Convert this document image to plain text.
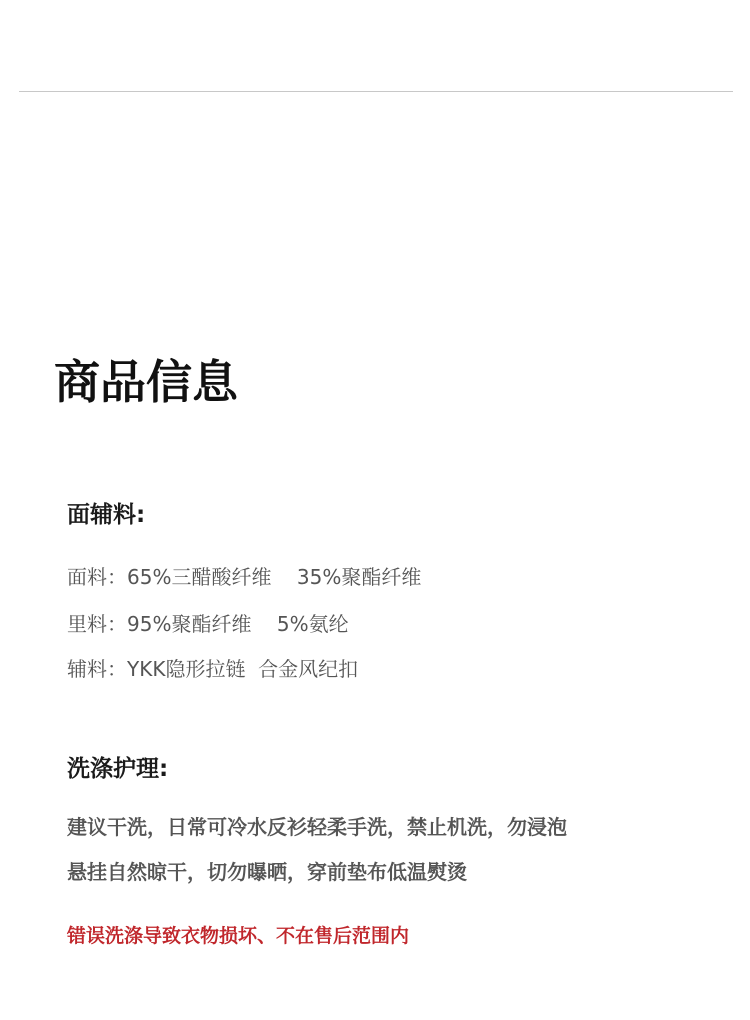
商品信息
面辅料:
面料：65%三醋酸纤维    35%聚酯纤维
里料：95%聚酯纤维    5%氨纶
辅料：YKK隐形拉链  合金风纪扣
洗涤护理:
建议干洗，日常可冷水反衫轻柔手洗，禁止机洗，勿浸泡
悬挂自然晾干，切勿曝晒，穿前垫布低温熨烫
错误洗涤导致衣物损坏、不在售后范围内
